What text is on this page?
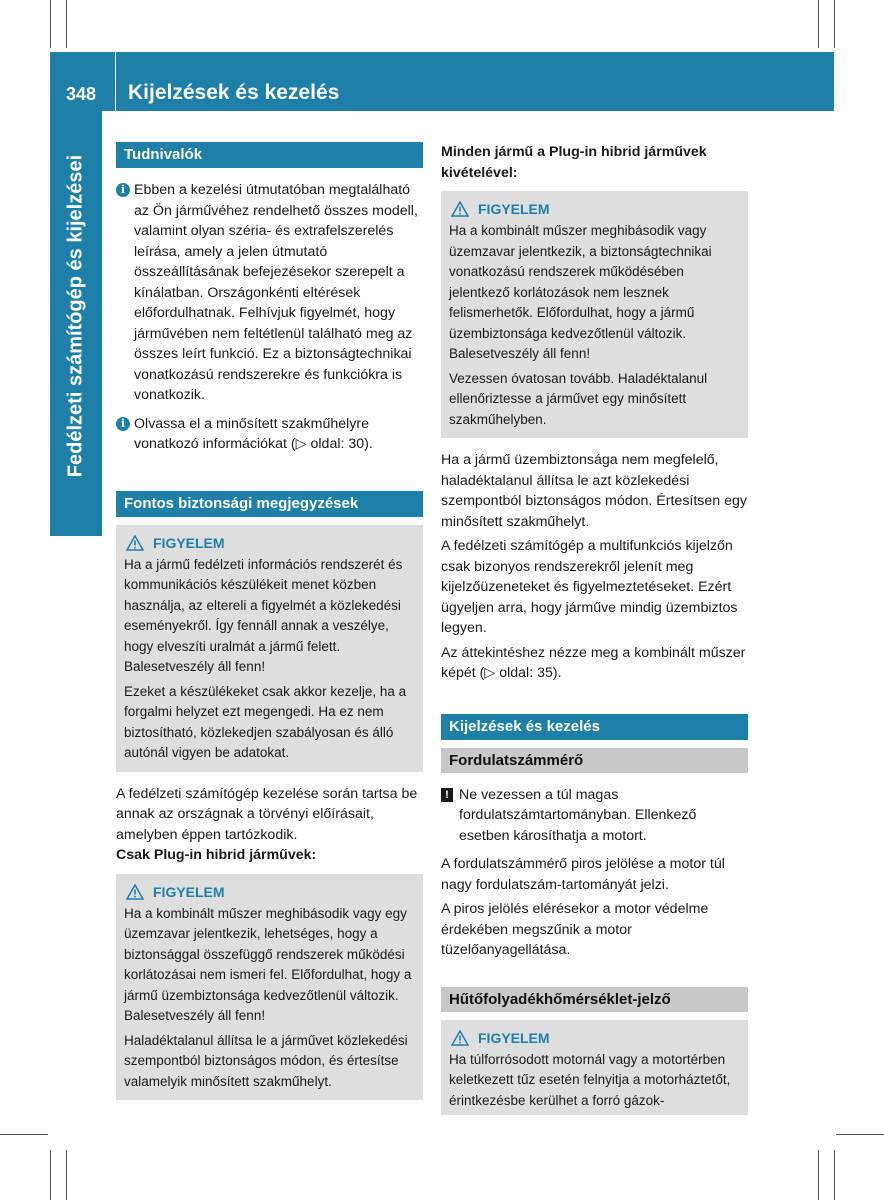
348 Kijelzések és kezelés
Fedélzeti számítógép és kijelzései
Tudnivalók
i Ebben a kezelési útmutatóban megtalálható az Ön járművéhez rendelhető összes modell, valamint olyan széria- és extrafelszerelés leírása, amely a jelen útmutató összeállításának befejezésekor szerepelt a kínálatban. Országonkénti eltérések előfordulhatnak. Felhívjuk figyelmét, hogy járművében nem feltétlenül található meg az összes leírt funkció. Ez a biztonságtechnikai vonatkozású rendszerekre és funkciókra is vonatkozik.

i Olvassa el a minősített szakműhelyre vonatkozó információkat (▷ oldal: 30).

Fontos biztonsági megjegyzések
FIGYELEM

Ha a jármű fedélzeti információs rendszerét és kommunikációs készülékeit menet közben használja, az eltereli a figyelmét a közlekedési eseményekről. Így fennáll annak a veszélye, hogy elveszíti uralmát a jármű felett. Balesetveszély áll fenn!

Ezeket a készülékeket csak akkor kezelje, ha a forgalmi helyzet ezt megengedi. Ha ez nem biztosítható, közlekedjen szabályosan és álló autónál vigyen be adatokat.

A fedélzeti számítógép kezelése során tartsa be annak az országnak a törvényi előírásait, amelyben éppen tartózkodik.

Csak Plug-in hibrid járművek:
FIGYELEM

Ha a kombinált műszer meghibásodik vagy egy üzemzavar jelentkezik, lehetséges, hogy a biztonsággal összefüggő rendszerek működési korlátozásai nem ismeri fel. Előfordulhat, hogy a jármű üzembiztonsága kedvezőtlenül változik. Balesetveszély áll fenn!

Haladéktalanul állítsa le a járművet közlekedési szempontból biztonságos módon, és értesítse valamelyik minősített szakműhelyt.

Minden jármű a Plug-in hibrid járművek kivételével:
FIGYELEM

Ha a kombinált műszer meghibásodik vagy üzemzavar jelentkezik, a biztonságtechnikai vonatkozású rendszerek működésében jelentkező korlátozások nem lesznek felismerhetők. Előfordulhat, hogy a jármű üzembiztonsága kedvezőtlenül változik. Balesetveszély áll fenn!

Vezessen óvatosan tovább. Haladéktalanul ellenőriztesse a járművet egy minősített szakműhelyben.

Ha a jármű üzembiztonsága nem megfelelő, haladéktalanul állítsa le azt közlekedési szempontból biztonságos módon. Értesítsen egy minősített szakműhelyt.

A fedélzeti számítógép a multifunkciós kijelzőn csak bizonyos rendszerekről jelenít meg kijelzőüzeneteket és figyelmeztetéseket. Ezért ügyeljen arra, hogy járműve mindig üzembiztos legyen.

Az áttekintéshez nézze meg a kombinált műszer képét (▷ oldal: 35).

Kijelzések és kezelés
Fordulatszámmérő
! Ne vezessen a túl magas fordulatszámtartományban. Ellenkező esetben károsíthatja a motort.

A fordulatszámmérő piros jelölése a motor túl nagy fordulatszám-tartományát jelzi.

A piros jelölés elérésekor a motor védelme érdekében megszűnik a motor tüzelőanyagellátása.

Hűtőfolyadékhőmérséklet-jelző
FIGYELEM

Ha túlforrósodott motornál vagy a motortérben keletkezett tűz esetén felnyitja a motorháztetőt, érintkezésbe kerülhet a forró gázok-
